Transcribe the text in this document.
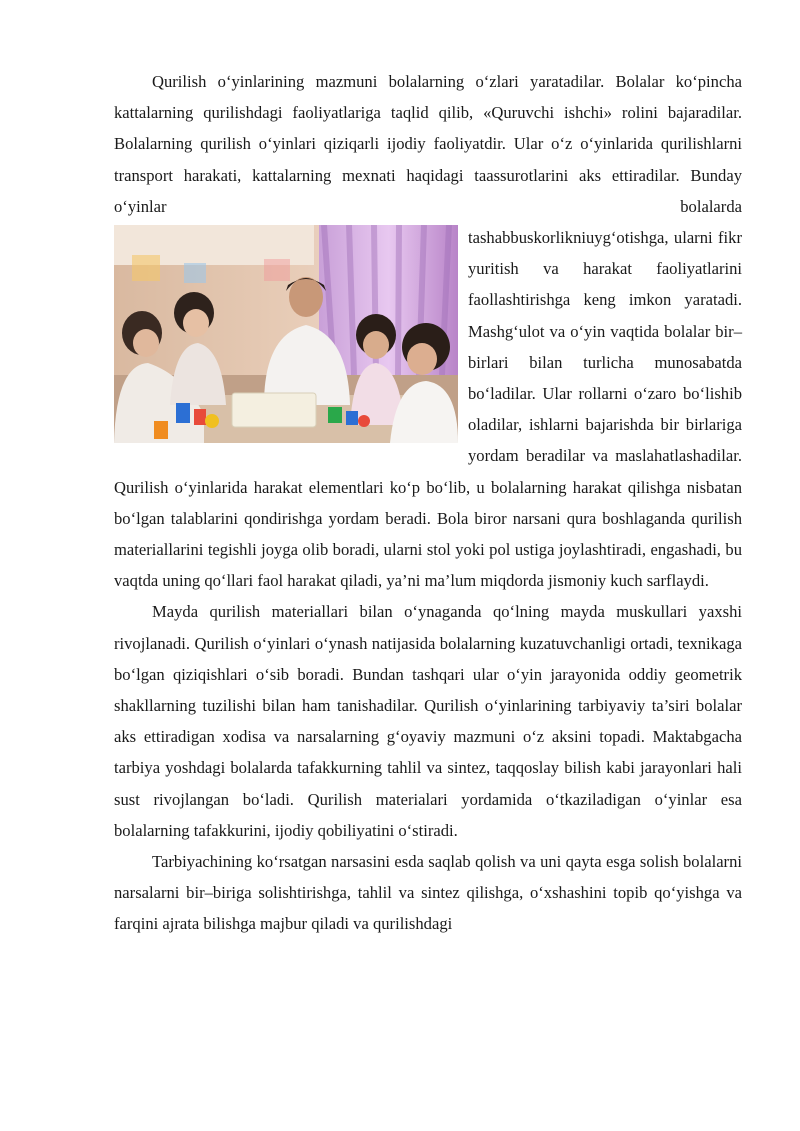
Qurilish o‘yinlarining mazmuni bolalarning o‘zlari yaratadilar. Bolalar ko‘pincha kattalarning qurilishdagi faoliyatlariga taqlid qilib, «Quruvchi ishchi» rolini bajaradilar. Bolalarning qurilish o‘yinlari qiziqarli ijodiy faoliyatdir. Ular o‘z o‘yinlarida qurilishlarni transport harakati, kattalarning mexnati haqidagi taassurotlarini aks ettiradilar. Bunday o‘yinlar bolalarda tashabbuskorlikni
uyg‘otishga, ularni fikr yuritish va harakat faoliyatlarini faollashtirishga keng imkon yaratadi. Mashg‘ulot va o‘yin vaqtida bolalar bir–birlari bilan turlicha munosabatda bo‘ladilar. Ular rollarni o‘zaro bo‘lishib oladilar, ishlarni bajarishda bir birlariga yordam beradilar va maslahatlashadilar. Qurilish o‘yinlarida harakat elementlari ko‘p bo‘lib, u bolalarning harakat qilishga nisbatan bo‘lgan talablarini qondirishga yordam beradi. Bola biror narsani qura boshlaganda qurilish materiallarini tegishli joyga olib boradi, ularni stol yoki pol ustiga joylashtiradi, engashadi, bu vaqtda uning qo‘llari faol harakat qiladi, ya’ni ma’lum miqdorda jismoniy kuch sarflaydi.

Mayda qurilish materiallari bilan o‘ynaganda qo‘lning mayda muskullari yaxshi rivojlanadi. Qurilish o‘yinlari o‘ynash natijasida bolalarning kuzatuvchanligi ortadi, texnikaga bo‘lgan qiziqishlari o‘sib boradi. Bundan tashqari ular o‘yin jarayonida oddiy geometrik shakllarning tuzilishi bilan ham tanishadilar. Qurilish o‘yinlarining tarbiyaviy ta’siri bolalar aks ettiradigan xodisa va narsalarning g‘oyaviy mazmuni o‘z aksini topadi. Maktabgacha tarbiya yoshdagi bolalarda tafakkurning tahlil va sintez, taqqoslay bilish kabi jarayonlari hali sust rivojlangan bo‘ladi. Qurilish materialari yordamida o‘tkaziladigan o‘yinlar esa bolalarning tafakkurini, ijodiy qobiliyatini o‘stiradi.

Tarbiyachining ko‘rsatgan narsasini esda saqlab qolish va uni qayta esga solish bolalarni narsalarni bir–biriga solishtirishga, tahlil va sintez qilishga, o‘xshashini topib qo‘yishga va farqini ajrata bilishga majbur qiladi va qurilishdagi
